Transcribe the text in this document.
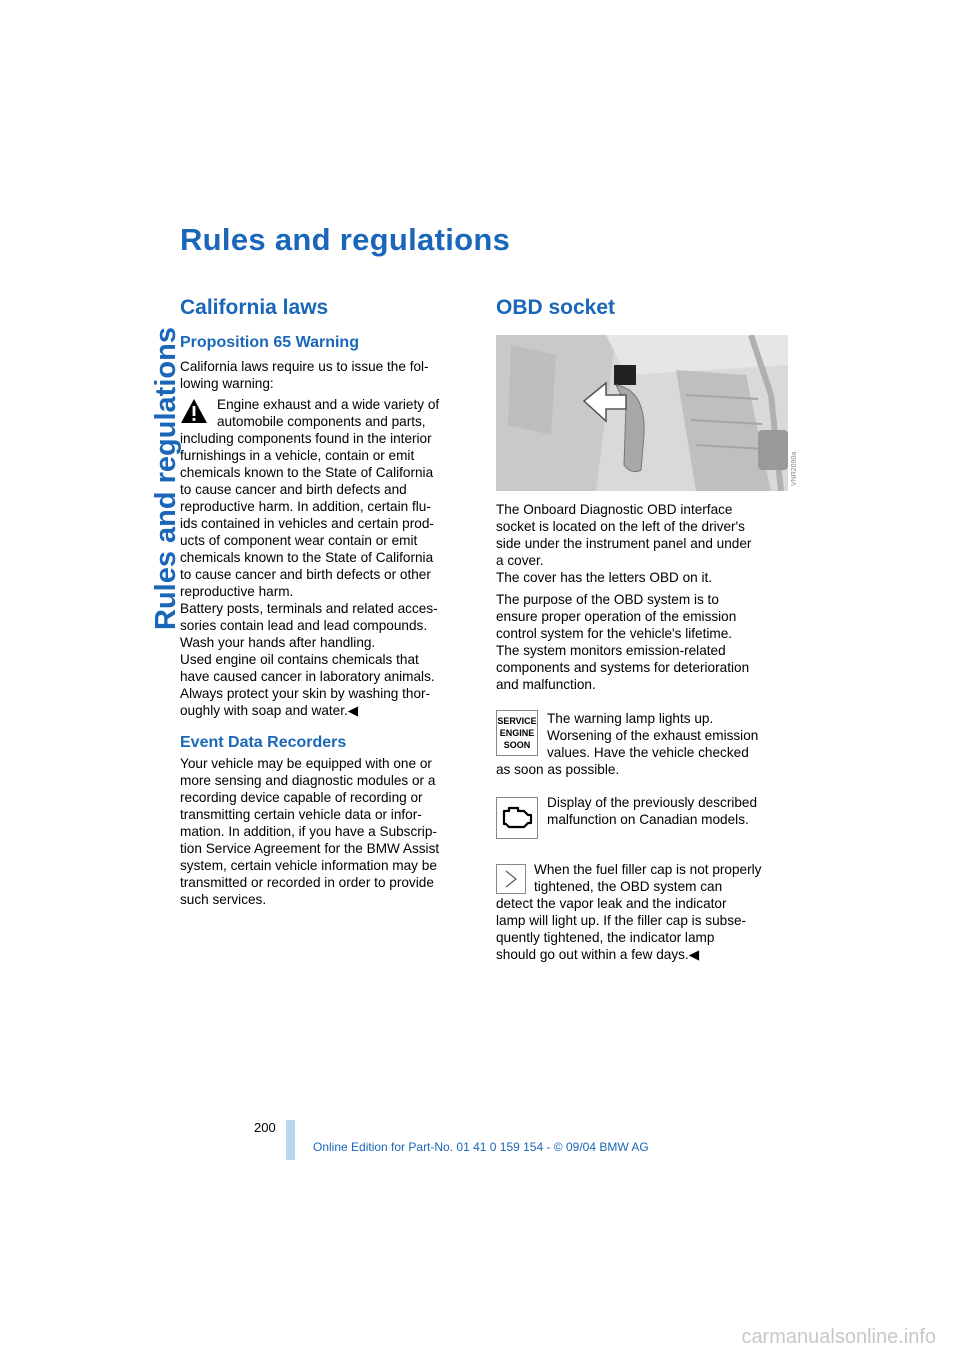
Rules and regulations
Rules and regulations
California laws
Proposition 65 Warning
California laws require us to issue the fol-
lowing warning:
Engine exhaust and a wide variety of
automobile components and parts,
including components found in the interior
furnishings in a vehicle, contain or emit
chemicals known to the State of California
to cause cancer and birth defects and
reproductive harm. In addition, certain flu-
ids contained in vehicles and certain prod-
ucts of component wear contain or emit
chemicals known to the State of California
to cause cancer and birth defects or other
reproductive harm.
Battery posts, terminals and related acces-
sories contain lead and lead compounds.
Wash your hands after handling.
Used engine oil contains chemicals that
have caused cancer in laboratory animals.
Always protect your skin by washing thor-
oughly with soap and water.◀
Event Data Recorders
Your vehicle may be equipped with one or
more sensing and diagnostic modules or a
recording device capable of recording or
transmitting certain vehicle data or infor-
mation. In addition, if you have a Subscrip-
tion Service Agreement for the BMW Assist
system, certain vehicle information may be
transmitted or recorded in order to provide
such services.
OBD socket
VNR2090a
The Onboard Diagnostic OBD interface
socket is located on the left of the driver's
side under the instrument panel and under
a cover.
The cover has the letters OBD on it.
The purpose of the OBD system is to
ensure proper operation of the emission
control system for the vehicle's lifetime.
The system monitors emission-related
components and systems for deterioration
and malfunction.
SERVICE
ENGINE
SOON
The warning lamp lights up.
Worsening of the exhaust emission
values. Have the vehicle checked
as soon as possible.
Display of the previously described
malfunction on Canadian models.
When the fuel filler cap is not properly
tightened, the OBD system can
detect the vapor leak and the indicator
lamp will light up. If the filler cap is subse-
quently tightened, the indicator lamp
should go out within a few days.◀
200
Online Edition for Part-No. 01 41 0 159 154 - © 09/04 BMW AG
carmanualsonline.info
